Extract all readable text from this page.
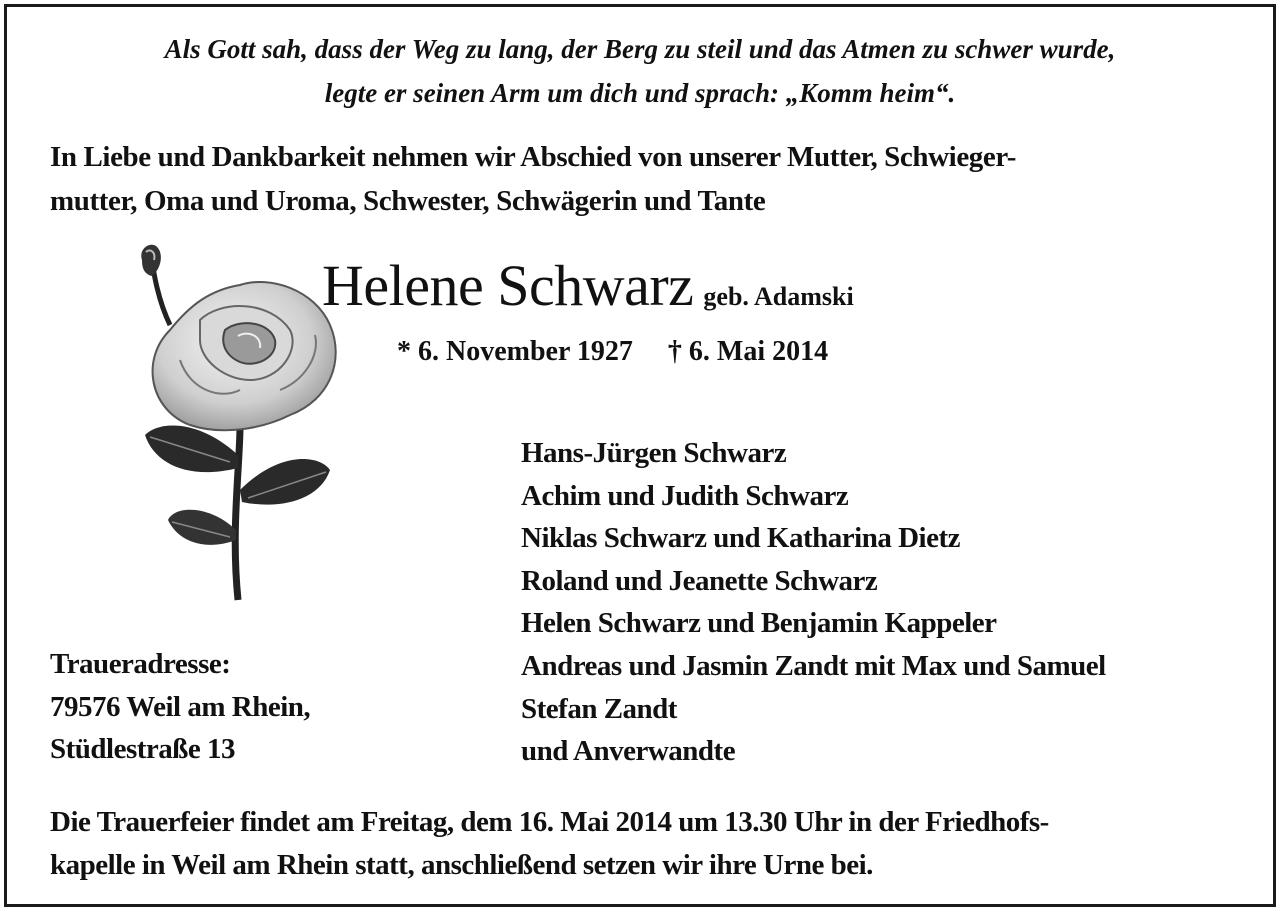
Als Gott sah, dass der Weg zu lang, der Berg zu steil und das Atmen zu schwer wurde,
legte er seinen Arm um dich und sprach: „Komm heim“.
In Liebe und Dankbarkeit nehmen wir Abschied von unserer Mutter, Schwieger-
mutter, Oma und Uroma, Schwester, Schwägerin und Tante
Helene Schwarz geb. Adamski
* 6. November 1927 † 6. Mai 2014
Hans-Jürgen Schwarz
Achim und Judith Schwarz
Niklas Schwarz und Katharina Dietz
Roland und Jeanette Schwarz
Helen Schwarz und Benjamin Kappeler
Andreas und Jasmin Zandt mit Max und Samuel
Stefan Zandt
und Anverwandte
Traueradresse:
79576 Weil am Rhein,
Stüdlestraße 13
Die Trauerfeier findet am Freitag, dem 16. Mai 2014 um 13.30 Uhr in der Friedhofs-
kapelle in Weil am Rhein statt, anschließend setzen wir ihre Urne bei.
